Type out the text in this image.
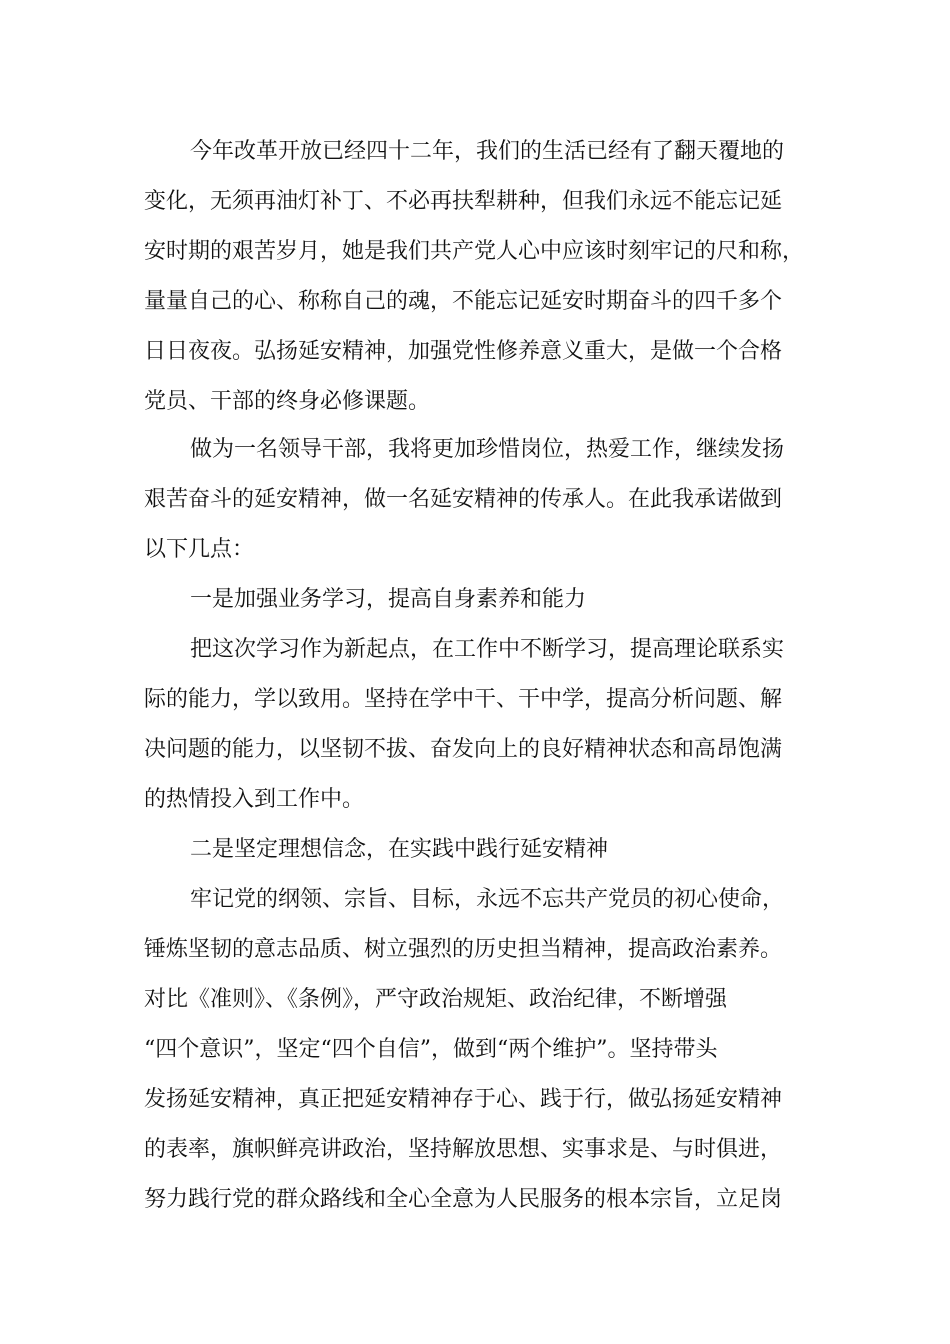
今年改革开放已经四十二年，我们的生活已经有了翻天覆地的
变化，无须再油灯补丁、不必再扶犁耕种，但我们永远不能忘记延
安时期的艰苦岁月，她是我们共产党人心中应该时刻牢记的尺和称，
量量自己的心、称称自己的魂，不能忘记延安时期奋斗的四千多个
日日夜夜。弘扬延安精神，加强党性修养意义重大，是做一个合格
党员、干部的终身必修课题。
做为一名领导干部，我将更加珍惜岗位，热爱工作，继续发扬
艰苦奋斗的延安精神，做一名延安精神的传承人。在此我承诺做到
以下几点：
一是加强业务学习，提高自身素养和能力
把这次学习作为新起点，在工作中不断学习，提高理论联系实
际的能力，学以致用。坚持在学中干、干中学，提高分析问题、解
决问题的能力，以坚韧不拔、奋发向上的良好精神状态和高昂饱满
的热情投入到工作中。
二是坚定理想信念，在实践中践行延安精神
牢记党的纲领、宗旨、目标，永远不忘共产党员的初心使命，
锤炼坚韧的意志品质、树立强烈的历史担当精神，提高政治素养。
对比《准则》、《条例》，严守政治规矩、政治纪律，不断增强
“四个意识”，坚定“四个自信”，做到“两个维护”。坚持带头
发扬延安精神，真正把延安精神存于心、践于行，做弘扬延安精神
的表率，旗帜鲜亮讲政治，坚持解放思想、实事求是、与时俱进，
努力践行党的群众路线和全心全意为人民服务的根本宗旨，立足岗
